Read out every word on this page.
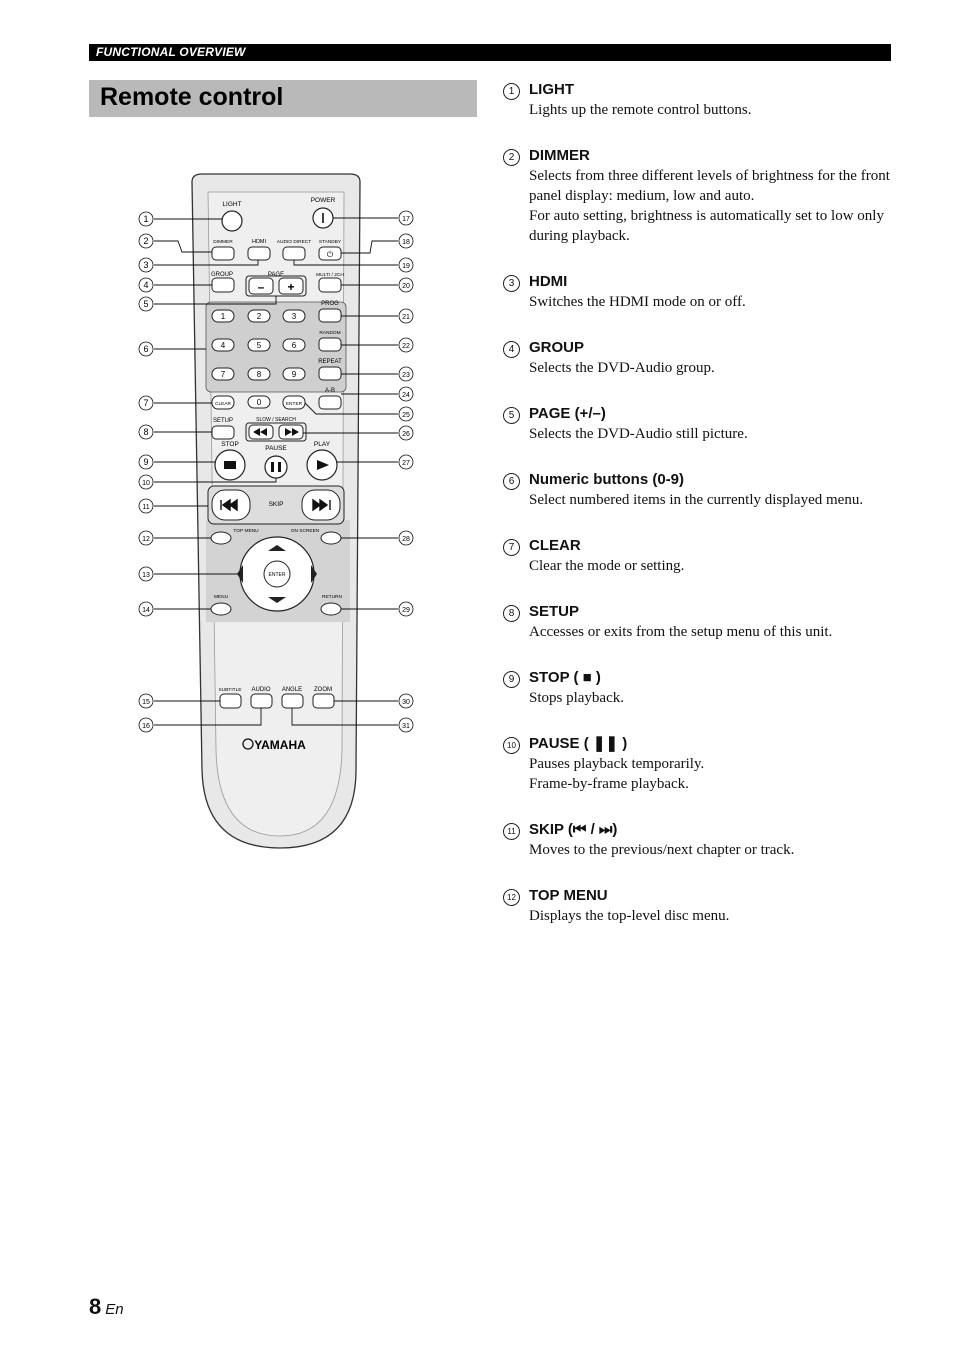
FUNCTIONAL OVERVIEW
Remote control
LIGHT
POWER
DIMMER	HDMI AUDIO DIRECT STANDBY
⏻
GROUP	PAGE	MULTI / 2CH
– +
PROG
RANDOM
REPEAT
A-B
1	2	3
4	5	6
7	8	9
0
CLEAR	ENTER
SETUP	SLOW / SEARCH
STOP
PAUSE
PLAY
SKIP
TOP MENU	ON SCREEN
ENTER
MENU	RETURN
SUBTITLE AUDIO ANGLE ZOOM
YAMAHA
1
2
3
4
5
6
7
8
9
10
11
12
13
14
15
16
17
18
19
20
21
22
23
24
25
26
27
28
29
30
31
1 LIGHT
Lights up the remote control buttons.
2 DIMMER
Selects from three different levels of brightness for the front panel display: medium, low and auto.
For auto setting, brightness is automatically set to low only during playback.
3 HDMI
Switches the HDMI mode on or off.
4 GROUP
Selects the DVD-Audio group.
5 PAGE (+/–)
Selects the DVD-Audio still picture.
6 Numeric buttons (0-9)
Select numbered items in the currently displayed menu.
7 CLEAR
Clear the mode or setting.
8 SETUP
Accesses or exits from the setup menu of this unit.
9 STOP ( ■ )
Stops playback.
10 PAUSE ( ❚❚ )
Pauses playback temporarily.
Frame-by-frame playback.
11 SKIP (⏮ / ⏭)
Moves to the previous/next chapter or track.
12 TOP MENU
Displays the top-level disc menu.
8 En
